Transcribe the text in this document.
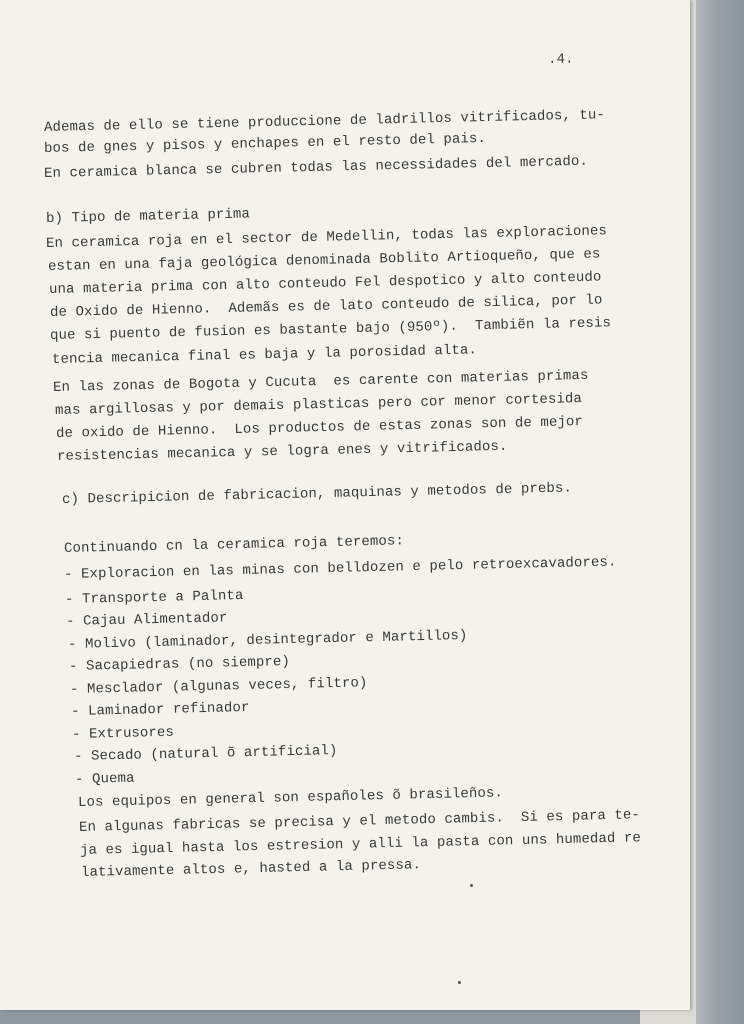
.4.
Ademas de ello se tiene produccione de ladrillos vitrificados, tu-
bos de gnes y pisos y enchapes en el resto del pais.
En ceramica blanca se cubren todas las necessidades del mercado.
b) Tipo de materia prima
En ceramica roja en el sector de Medellin, todas las exploraciones
estan en una faja geológica denominada Boblito Artioqueño, que es
una materia prima con alto conteudo Fel despotico y alto conteudo
de Oxido de Hienno.  Ademãs es de lato conteudo de silica, por lo
que si puento de fusion es bastante bajo (950º).  Tambiẽn la resis
tencia mecanica final es baja y la porosidad alta.
En las zonas de Bogota y Cucuta  es carente con materias primas
mas argillosas y por demais plasticas pero cor menor cortesida
de oxido de Hienno.  Los productos de estas zonas son de mejor
resistencias mecanica y se logra enes y vitrificados.
c) Descripicion de fabricacion, maquinas y metodos de prebs.
Continuando cn la ceramica roja teremos:
- Exploracion en las minas con belldozen e pelo retroexcavadores.
- Transporte a Palnta
- Cajau Alimentador
- Molivo (laminador, desintegrador e Martillos)
- Sacapiedras (no siempre)
- Mesclador (algunas veces, filtro)
- Laminador refinador
- Extrusores
- Secado (natural õ artificial)
- Quema
Los equipos en general son españoles õ brasileños.
En algunas fabricas se precisa y el metodo cambis.  Si es para te-
ja es igual hasta los estresion y alli la pasta con uns humedad re
lativamente altos e, hasted a la pressa.
